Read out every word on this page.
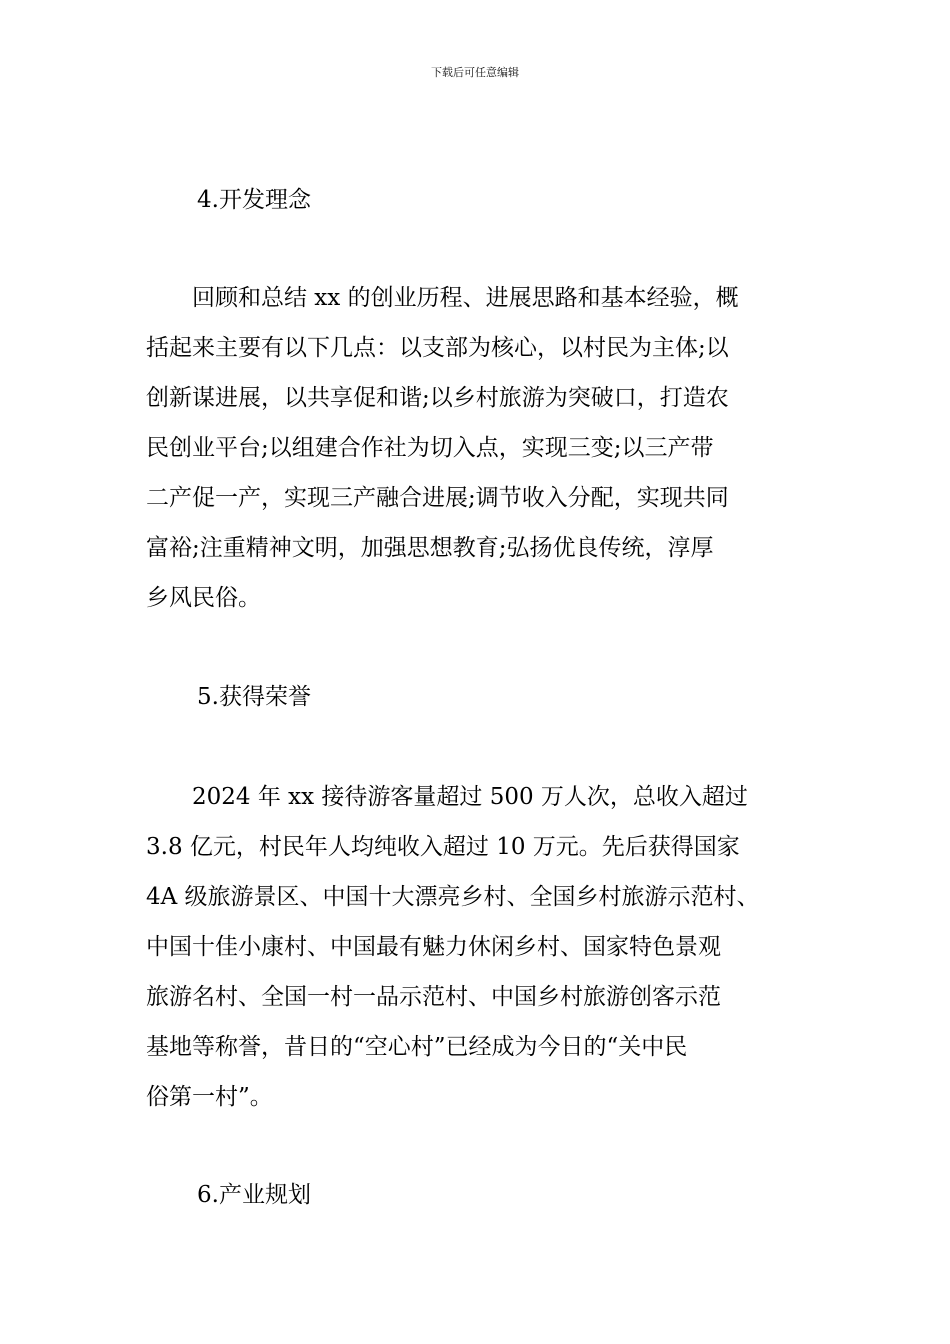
下载后可任意编辑
4.开发理念
　　回顾和总结 xx 的创业历程、进展思路和基本经验，概
括起来主要有以下几点：以支部为核心，以村民为主体;以
创新谋进展，以共享促和谐;以乡村旅游为突破口，打造农
民创业平台;以组建合作社为切入点，实现三变;以三产带
二产促一产，实现三产融合进展;调节收入分配，实现共同
富裕;注重精神文明，加强思想教育;弘扬优良传统，淳厚
乡风民俗。
5.获得荣誉
　　2024 年 xx 接待游客量超过 500 万人次，总收入超过
3.8 亿元，村民年人均纯收入超过 10 万元。先后获得国家
4A 级旅游景区、中国十大漂亮乡村、全国乡村旅游示范村、
中国十佳小康村、中国最有魅力休闲乡村、国家特色景观
旅游名村、全国一村一品示范村、中国乡村旅游创客示范
基地等称誉，昔日的“空心村”已经成为今日的“关中民
俗第一村”。
6.产业规划
